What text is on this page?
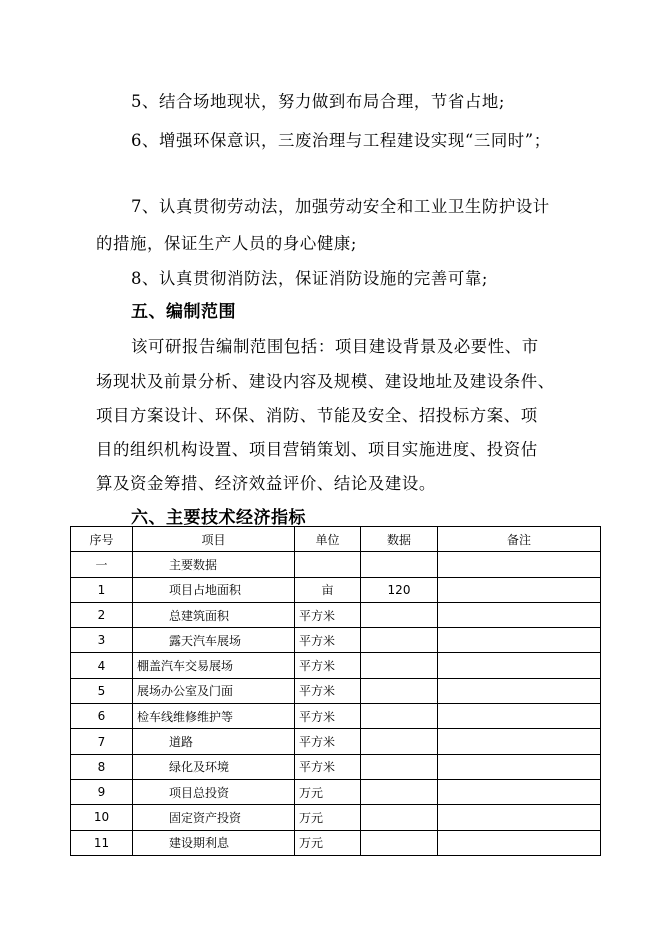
5、结合场地现状，努力做到布局合理，节省占地;
6、增强环保意识，三废治理与工程建设实现“三同时”；
7、认真贯彻劳动法，加强劳动安全和工业卫生防护设计
的措施，保证生产人员的身心健康;
8、认真贯彻消防法，保证消防设施的完善可靠;
五、编制范围
该可研报告编制范围包括：项目建设背景及必要性、市
场现状及前景分析、建设内容及规模、建设地址及建设条件、
项目方案设计、环保、消防、节能及安全、招投标方案、项
目的组织机构设置、项目营销策划、项目实施进度、投资估
算及资金筹措、经济效益评价、结论及建设。
六、主要技术经济指标
序号	项目	单位	数据	备注
一	主要数据			
1	项目占地面积	亩	120	
2	总建筑面积	平方米		
3	露天汽车展场	平方米		
4	棚盖汽车交易展场	平方米		
5	展场办公室及门面	平方米		
6	检车线维修维护等	平方米		
7	道路	平方米		
8	绿化及环境	平方米		
9	项目总投资	万元		
10	固定资产投资	万元		
11	建设期利息	万元		
